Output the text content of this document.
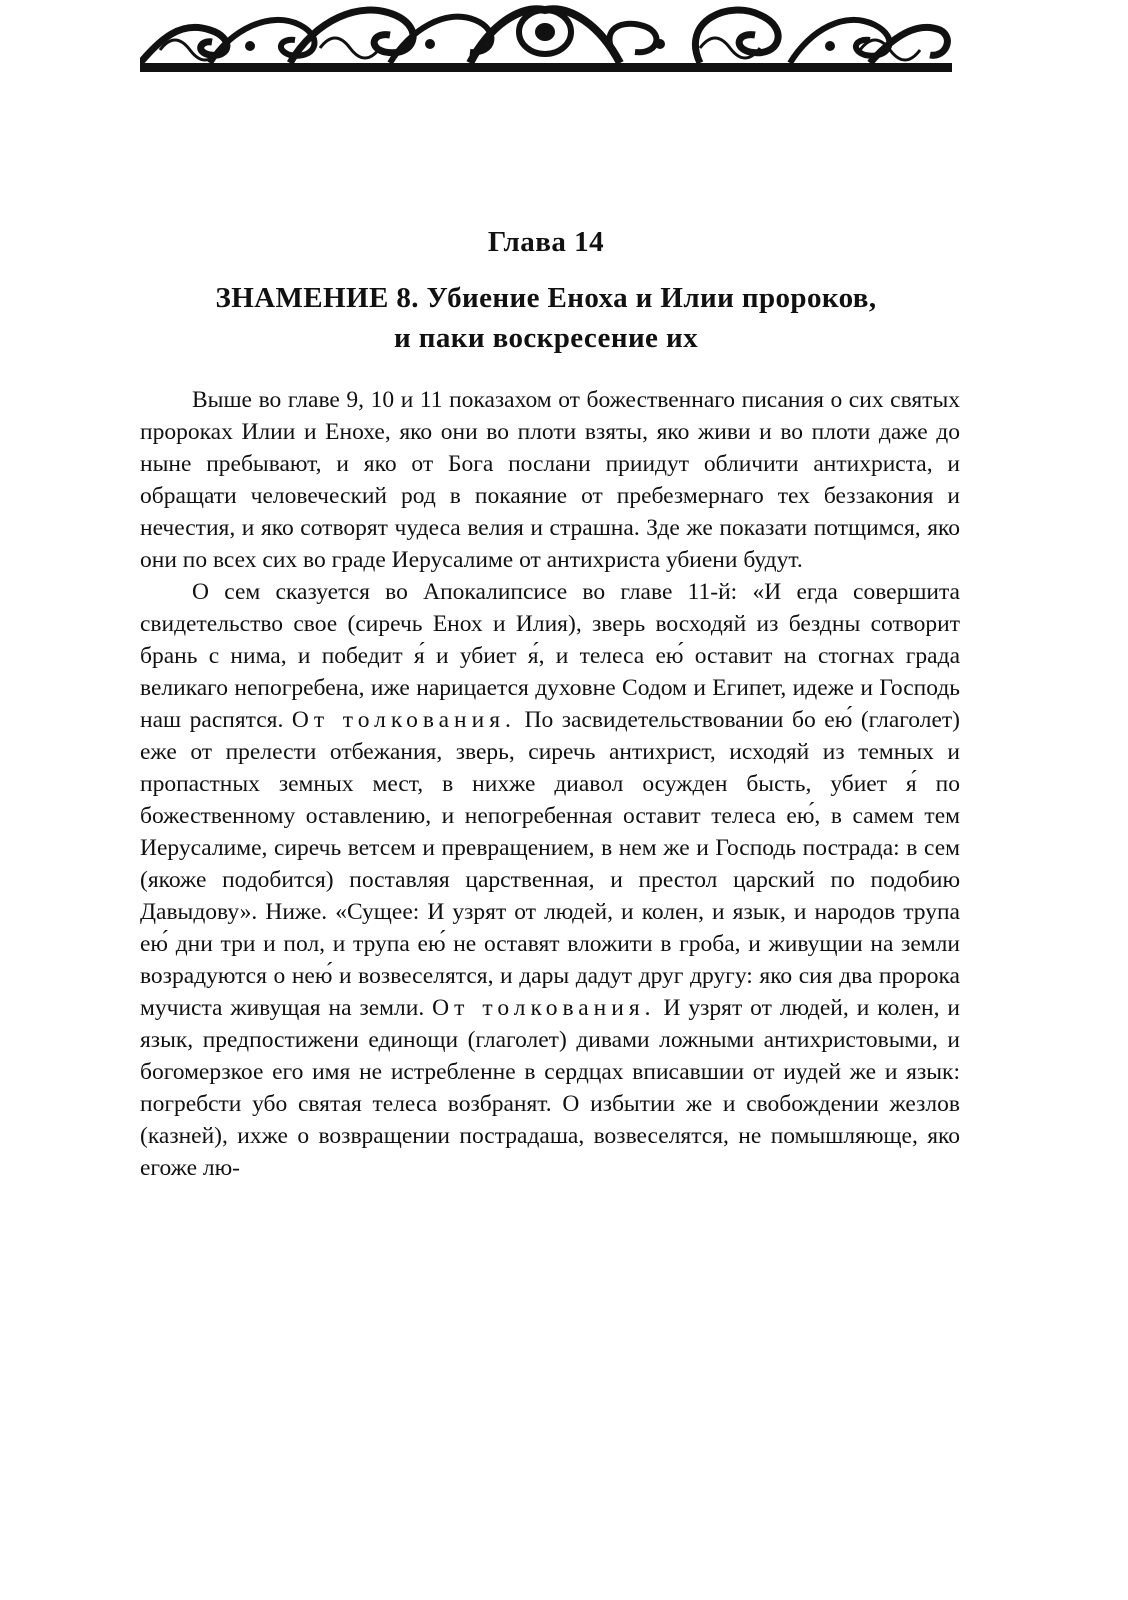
Глава 14
ЗНАМЕНИЕ 8. Убиение Еноха и Илии пророков,
и паки воскресение их

Выше во главе 9, 10 и 11 показахом от божественнаго писания о сих святых пророках Илии и Енохе, яко они во плоти взяты, яко живи и во плоти даже до ныне пребывают, и яко от Бога послани приидут обличити антихриста, и обращати человеческий род в покаяние от пребезмернаго тех беззакония и нечестия, и яко сотворят чудеса велия и страшна. Зде же показати потщимся, яко они по всех сих во граде Иерусалиме от антихриста убиени будут.

О сем сказуется во Апокалипсисе во главе 11-й: «И егда совершита свидетельство свое (сиречь Енох и Илия), зверь восходяй из бездны сотворит брань с нима, и победит я́ и убиет я́, и телеса ею́ оставит на стогнах града великаго непогребена, иже нарицается духовне Содом и Египет, идеже и Господь наш распятся. От толкования. По засвидетельствовании бо ею́ (глаголет) еже от прелести отбежания, зверь, сиречь антихрист, исходяй из темных и пропастных земных мест, в нихже диавол осужден бысть, убиет я́ по божественному оставлению, и непогребенная оставит телеса ею́, в самем тем Иерусалиме, сиречь ветсем и превращением, в нем же и Господь пострада: в сем (якоже подобится) поставляя царственная, и престол царский по подобию Давыдову». Ниже. «Сущее: И узрят от людей, и колен, и язык, и народов трупа ею́ дни три и пол, и трупа ею́ не оставят вложити в гроба, и живущии на земли возрадуются о нею́ и возвеселятся, и дары дадут друг другу: яко сия два пророка мучиста живущая на земли. От толкования. И узрят от людей, и колен, и язык, предпостижени единощи (глаголет) дивами ложными антихристовыми, и богомерзкое его имя не истребленне в сердцах вписавшии от иудей же и язык: погребсти убо святая телеса возбранят. О избытии же и свобождении жезлов (казней), ихже о возвращении пострадаша, возвеселятся, не помышляюще, яко егоже лю-
